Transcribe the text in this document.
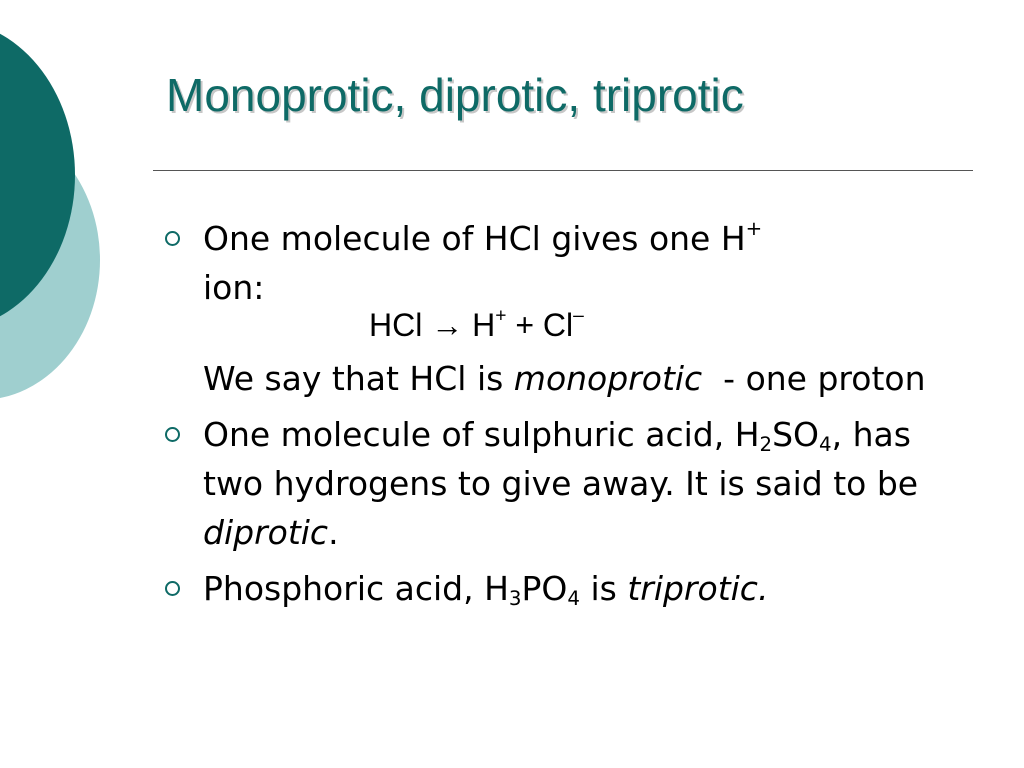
Monoprotic, diprotic, triprotic
One molecule of HCl gives one H+
ion:
HCl → H+ + Cl–
We say that HCl is monoprotic  - one proton
One molecule of sulphuric acid, $H_2SO_4$, has two hydrogens to give away. It is said to be diprotic.
Phosphoric acid, $H_3PO_4$ is triprotic.
